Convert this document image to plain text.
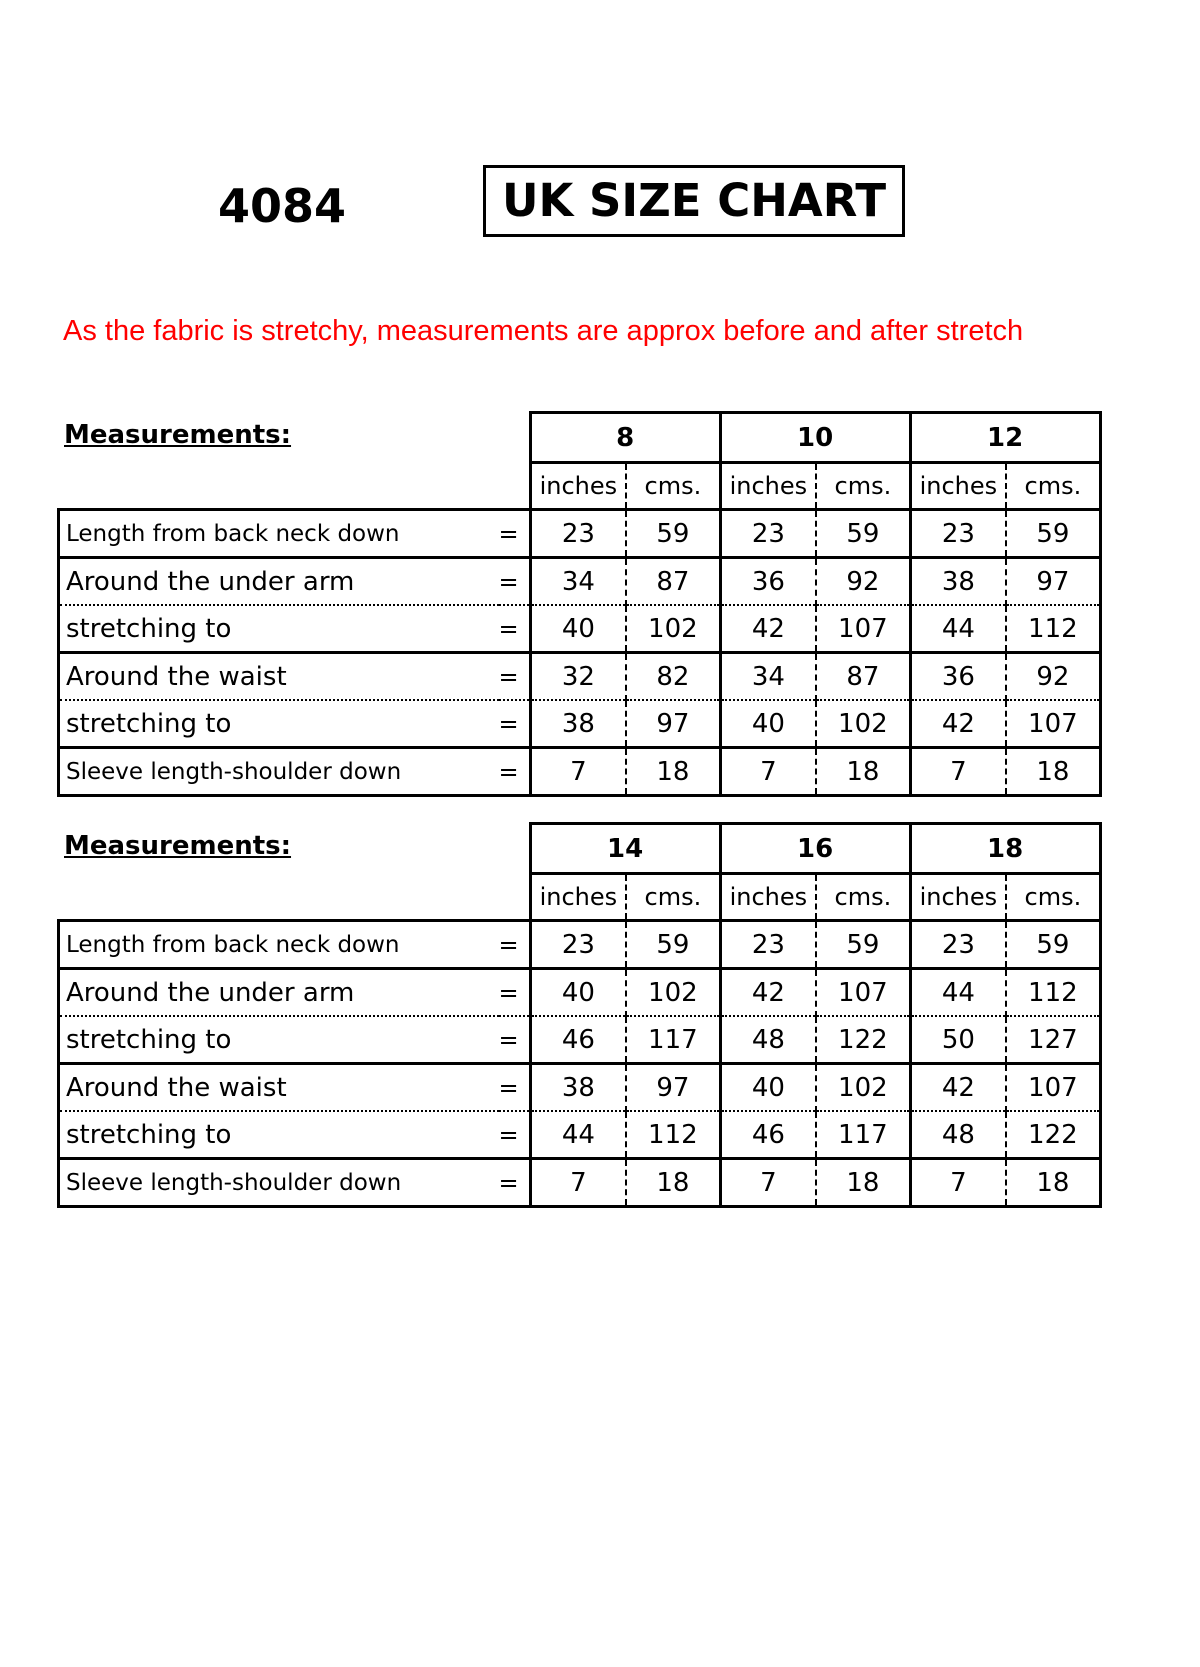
4084	UK SIZE CHART
As the fabric is stretchy, measurements are approx before and after stretch
Measurements:
Measurements:
		8		10		12	
		inches	cms.	inches	cms.	inches	cms.
Length from back neck down	=	23	59	23	59	23	59
Around the under arm	=	34	87	36	92	38	97
stretching to	=	40	102	42	107	44	112
Around the waist	=	32	82	34	87	36	92
stretching to	=	38	97	40	102	42	107
Sleeve length-shoulder down	=	7	18	7	18	7	18
		14		16		18	
		inches	cms.	inches	cms.	inches	cms.
Length from back neck down	=	23	59	23	59	23	59
Around the under arm	=	40	102	42	107	44	112
stretching to	=	46	117	48	122	50	127
Around the waist	=	38	97	40	102	42	107
stretching to	=	44	112	46	117	48	122
Sleeve length-shoulder down	=	7	18	7	18	7	18
